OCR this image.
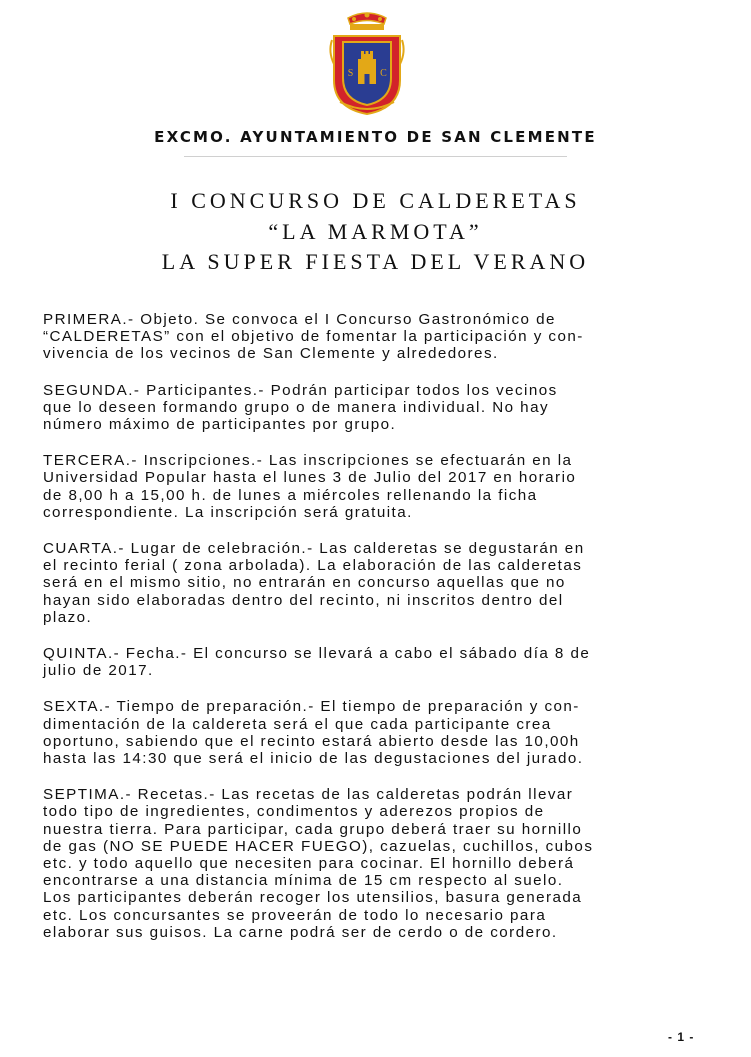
S	C
EXCMO. AYUNTAMIENTO DE SAN CLEMENTE
I CONCURSO DE CALDERETAS
“LA MARMOTA”
LA SUPER FIESTA DEL VERANO
PRIMERA.- Objeto. Se convoca el I Concurso Gastronómico de
“CALDERETAS” con el objetivo de fomentar la participación y con-
vivencia de los vecinos de San Clemente y alrededores.
SEGUNDA.- Participantes.- Podrán participar todos los vecinos
que lo deseen formando grupo o de manera individual. No hay
número máximo de participantes por grupo.
TERCERA.- Inscripciones.- Las inscripciones se efectuarán en la
Universidad Popular hasta el lunes 3 de Julio del 2017 en horario
de 8,00 h a 15,00 h. de lunes a miércoles rellenando la ficha
correspondiente. La inscripción será gratuita.
CUARTA.- Lugar de celebración.- Las calderetas se degustarán en
el recinto ferial ( zona arbolada). La elaboración de las calderetas
será en el mismo sitio, no entrarán en concurso aquellas que no
hayan sido elaboradas dentro del recinto, ni inscritos dentro del
plazo.
QUINTA.- Fecha.- El concurso se llevará a cabo el sábado día 8 de
julio de 2017.
SEXTA.- Tiempo de preparación.- El tiempo de preparación y con-
dimentación de la caldereta será el que cada participante crea
oportuno, sabiendo que el recinto estará abierto desde las 10,00h
hasta las 14:30 que será el inicio de las degustaciones del jurado.
SEPTIMA.- Recetas.- Las recetas de las calderetas podrán llevar
todo tipo de ingredientes, condimentos y aderezos propios de
nuestra tierra. Para participar, cada grupo deberá traer su hornillo
de gas (NO SE PUEDE HACER FUEGO), cazuelas, cuchillos, cubos
etc. y todo aquello que necesiten para cocinar. El hornillo deberá
encontrarse a una distancia mínima de 15 cm respecto al suelo.
Los participantes deberán recoger los utensilios, basura generada
etc. Los concursantes se proveerán de todo lo necesario para
elaborar sus guisos. La carne podrá ser de cerdo o de cordero.
- 1 -
